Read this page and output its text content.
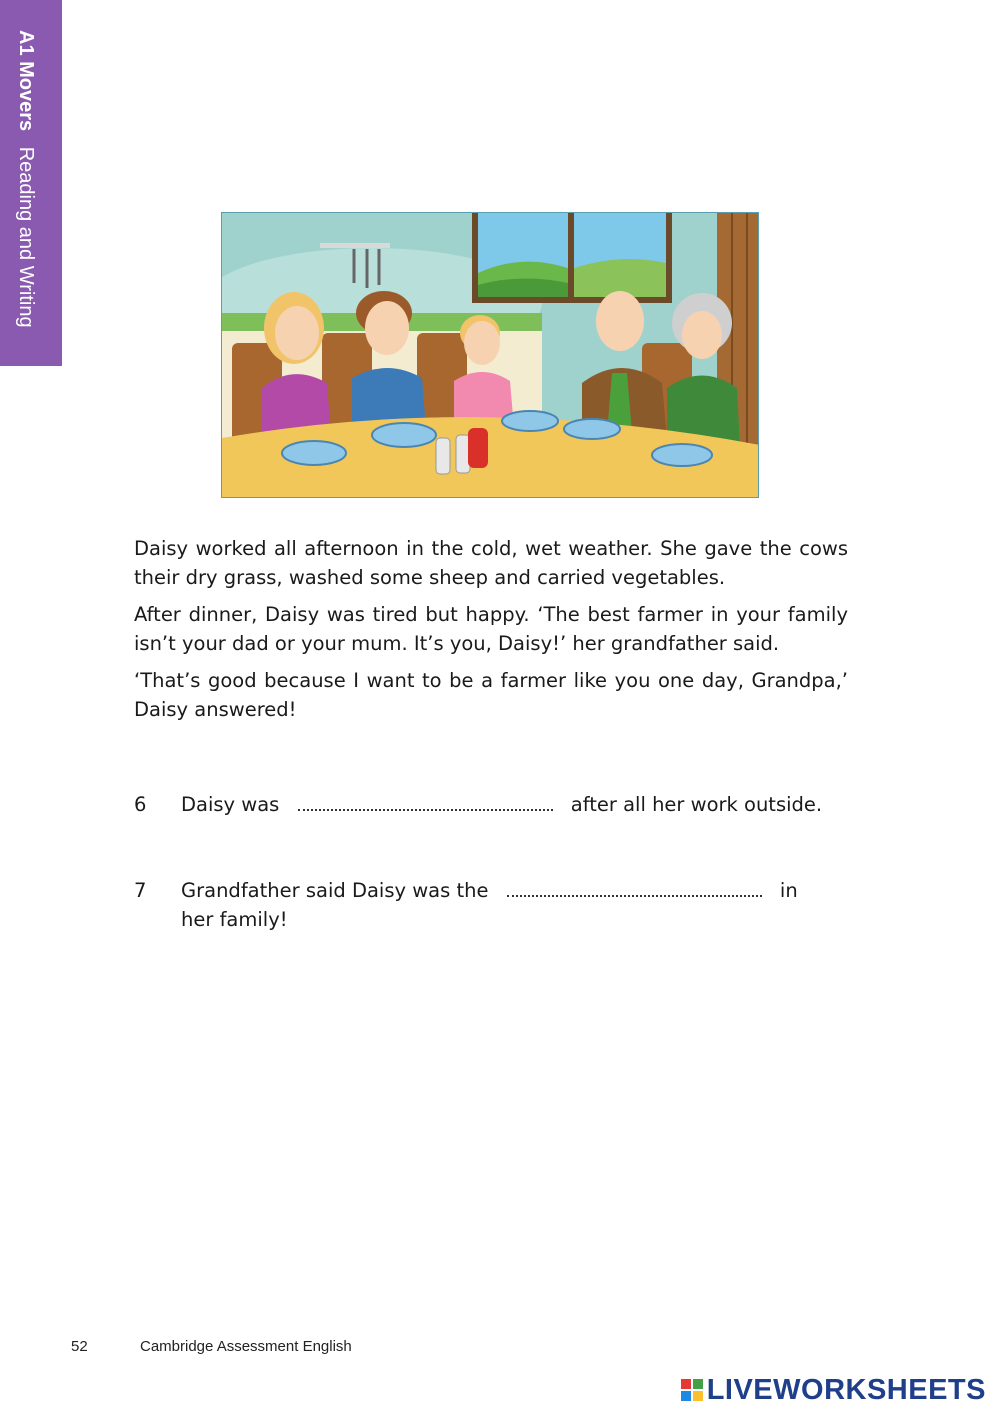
A1 Movers Reading and Writing

Daisy worked all afternoon in the cold, wet weather. She gave the cows their dry grass, washed some sheep and carried vegetables.

After dinner, Daisy was tired but happy. ‘The best farmer in your family isn’t your dad or your mum. It’s you, Daisy!’ her grandfather said.

‘That’s good because I want to be a farmer like you one day, Grandpa,’ Daisy answered!

6 Daisy was	after all her work outside.
7 Grandfather said Daisy was the	in her family!
52	Cambridge Assessment English
LIVEWORKSHEETS
